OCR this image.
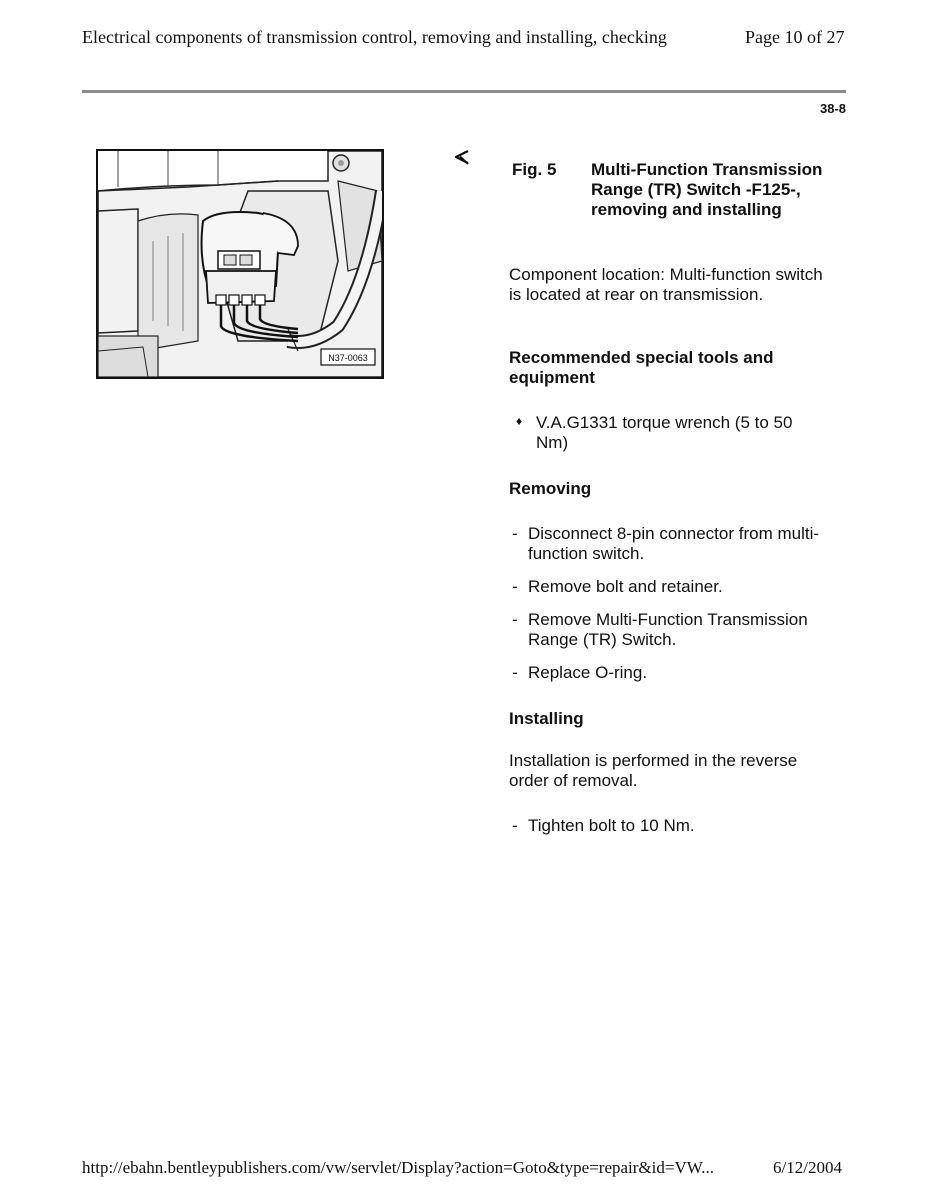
Electrical components of transmission control, removing and installing, checking	Page 10 of 27
38-8
N37-0063
Fig. 5 Multi-Function Transmission Range (TR) Switch -F125-, removing and installing
Component location: Multi-function switch is located at rear on transmission.
Recommended special tools and equipment
♦ V.A.G1331 torque wrench (5 to 50 Nm)
Removing
- Disconnect 8-pin connector from multi-function switch.
- Remove bolt and retainer.
- Remove Multi-Function Transmission Range (TR) Switch.
- Replace O-ring.
Installing
Installation is performed in the reverse order of removal.
- Tighten bolt to 10 Nm.
http://ebahn.bentleypublishers.com/vw/servlet/Display?action=Goto&type=repair&id=VW...	6/12/2004
